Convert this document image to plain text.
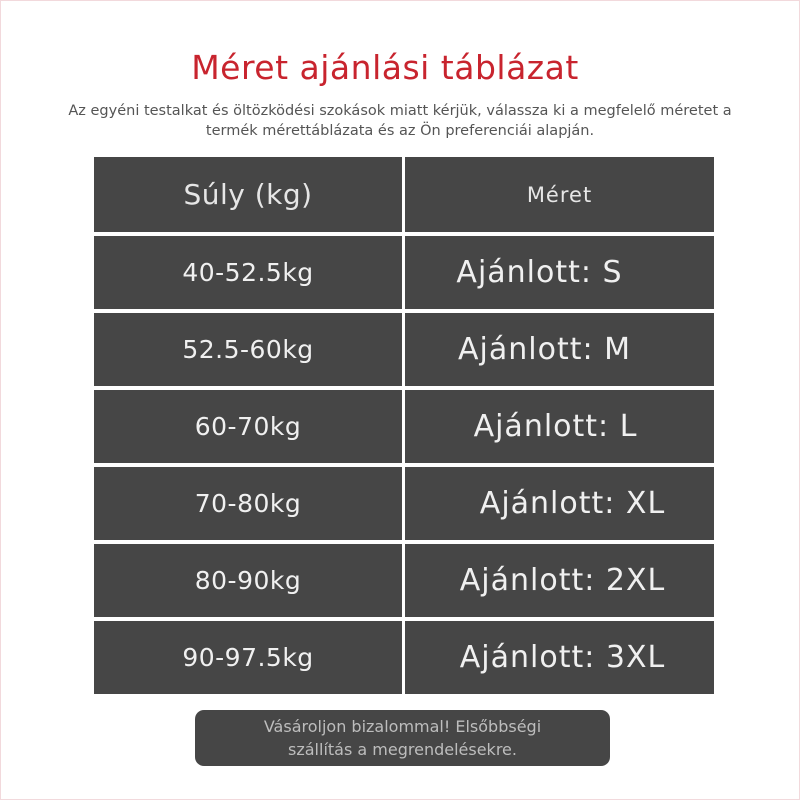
Méret ajánlási táblázat
Az egyéni testalkat és öltözködési szokások miatt kérjük, válassza ki a megfelelő méretet a
termék mérettáblázata és az Ön preferenciái alapján.
Súly (kg)	Méret
40-52.5kg	Ajánlott: S
52.5-60kg	Ajánlott: M
60-70kg	Ajánlott: L
70-80kg	Ajánlott: XL
80-90kg	Ajánlott: 2XL
90-97.5kg	Ajánlott: 3XL
Vásároljon bizalommal! Elsőbbségi
szállítás a megrendelésekre.
